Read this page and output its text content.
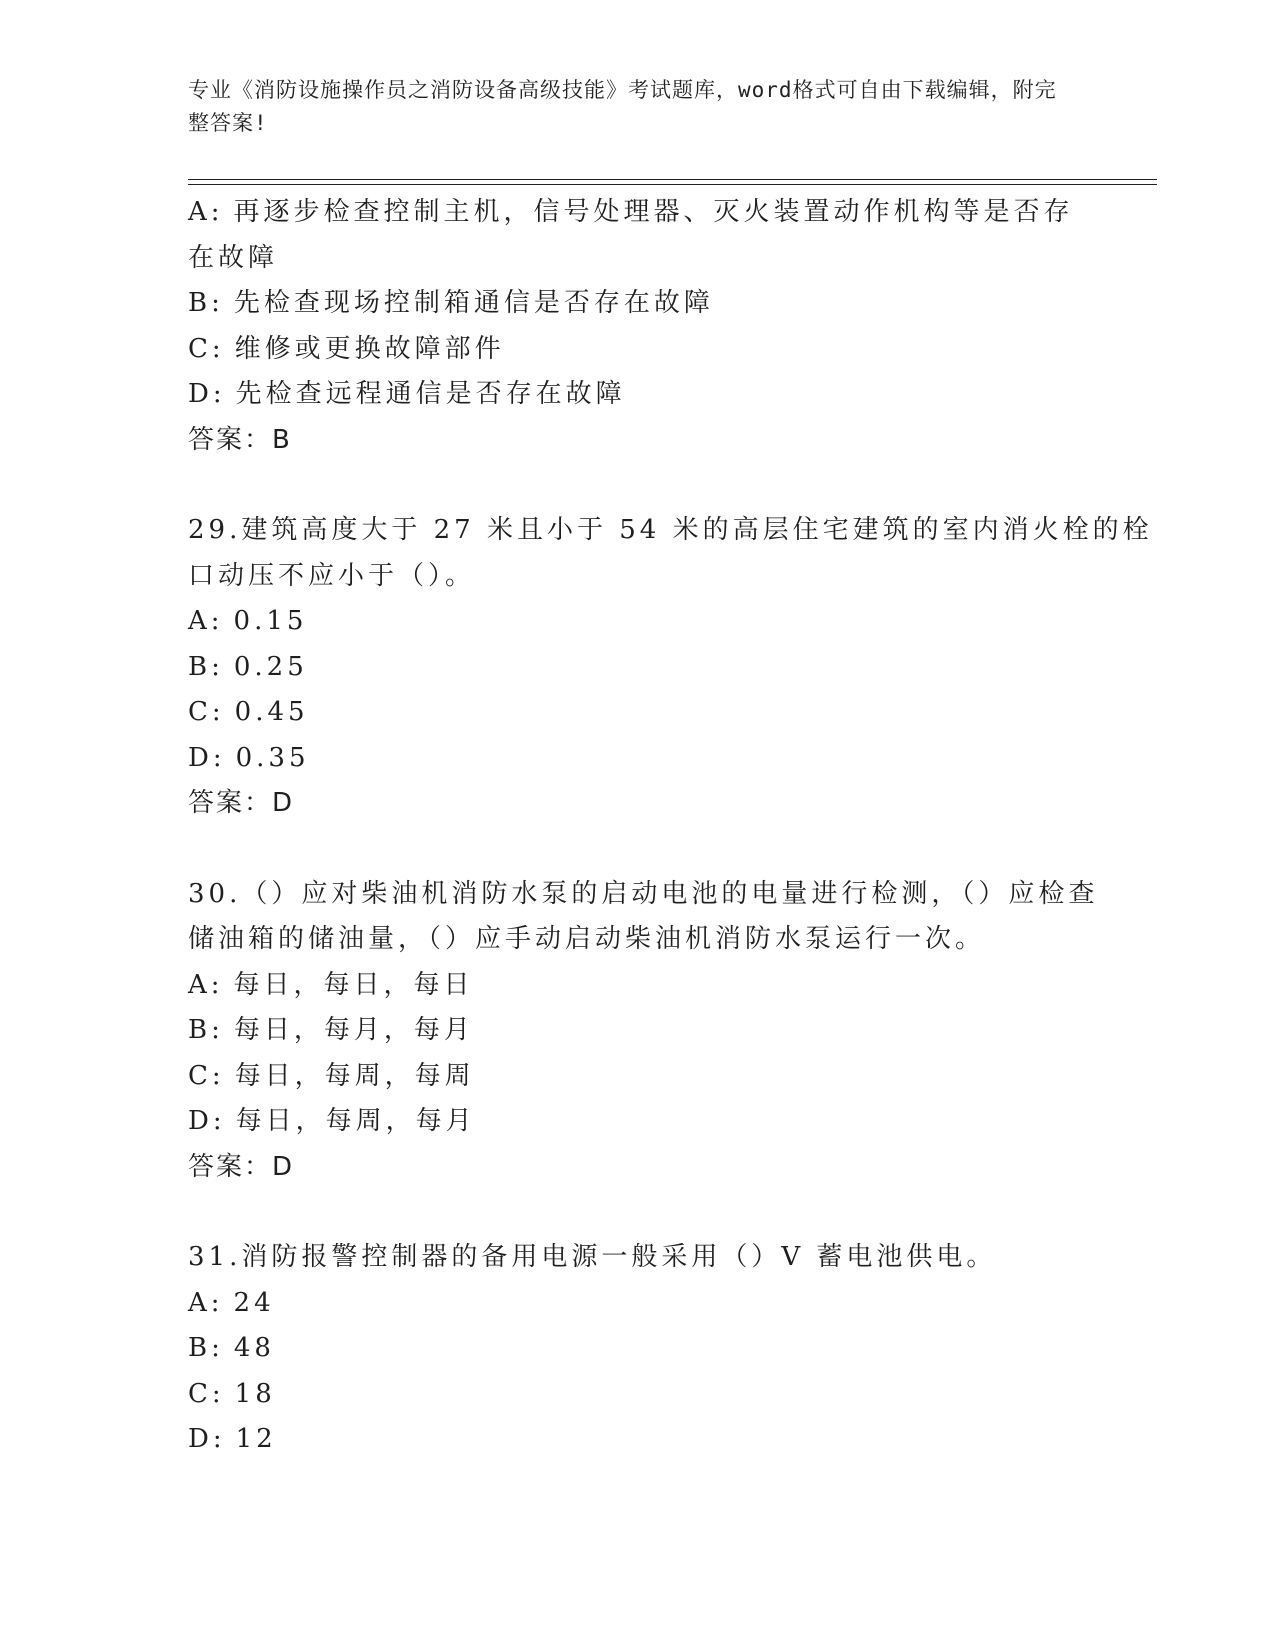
专业《消防设施操作员之消防设备高级技能》考试题库，word格式可自由下载编辑，附完整答案!
A: 再逐步检查控制主机，信号处理器、灭火装置动作机构等是否存在故障
B: 先检查现场控制箱通信是否存在故障
C: 维修或更换故障部件
D: 先检查远程通信是否存在故障
答案：B
29.建筑高度大于 27 米且小于 54 米的高层住宅建筑的室内消火栓的栓
口动压不应小于（）。
A: 0.15
B: 0.25
C: 0.45
D: 0.35
答案：D
30.（）应对柴油机消防水泵的启动电池的电量进行检测，（）应检查
储油箱的储油量，（）应手动启动柴油机消防水泵运行一次。
A: 每日，每日，每日
B: 每日，每月，每月
C: 每日，每周，每周
D: 每日，每周，每月
答案：D
31.消防报警控制器的备用电源一般采用（）V 蓄电池供电。
A: 24
B: 48
C: 18
D: 12
